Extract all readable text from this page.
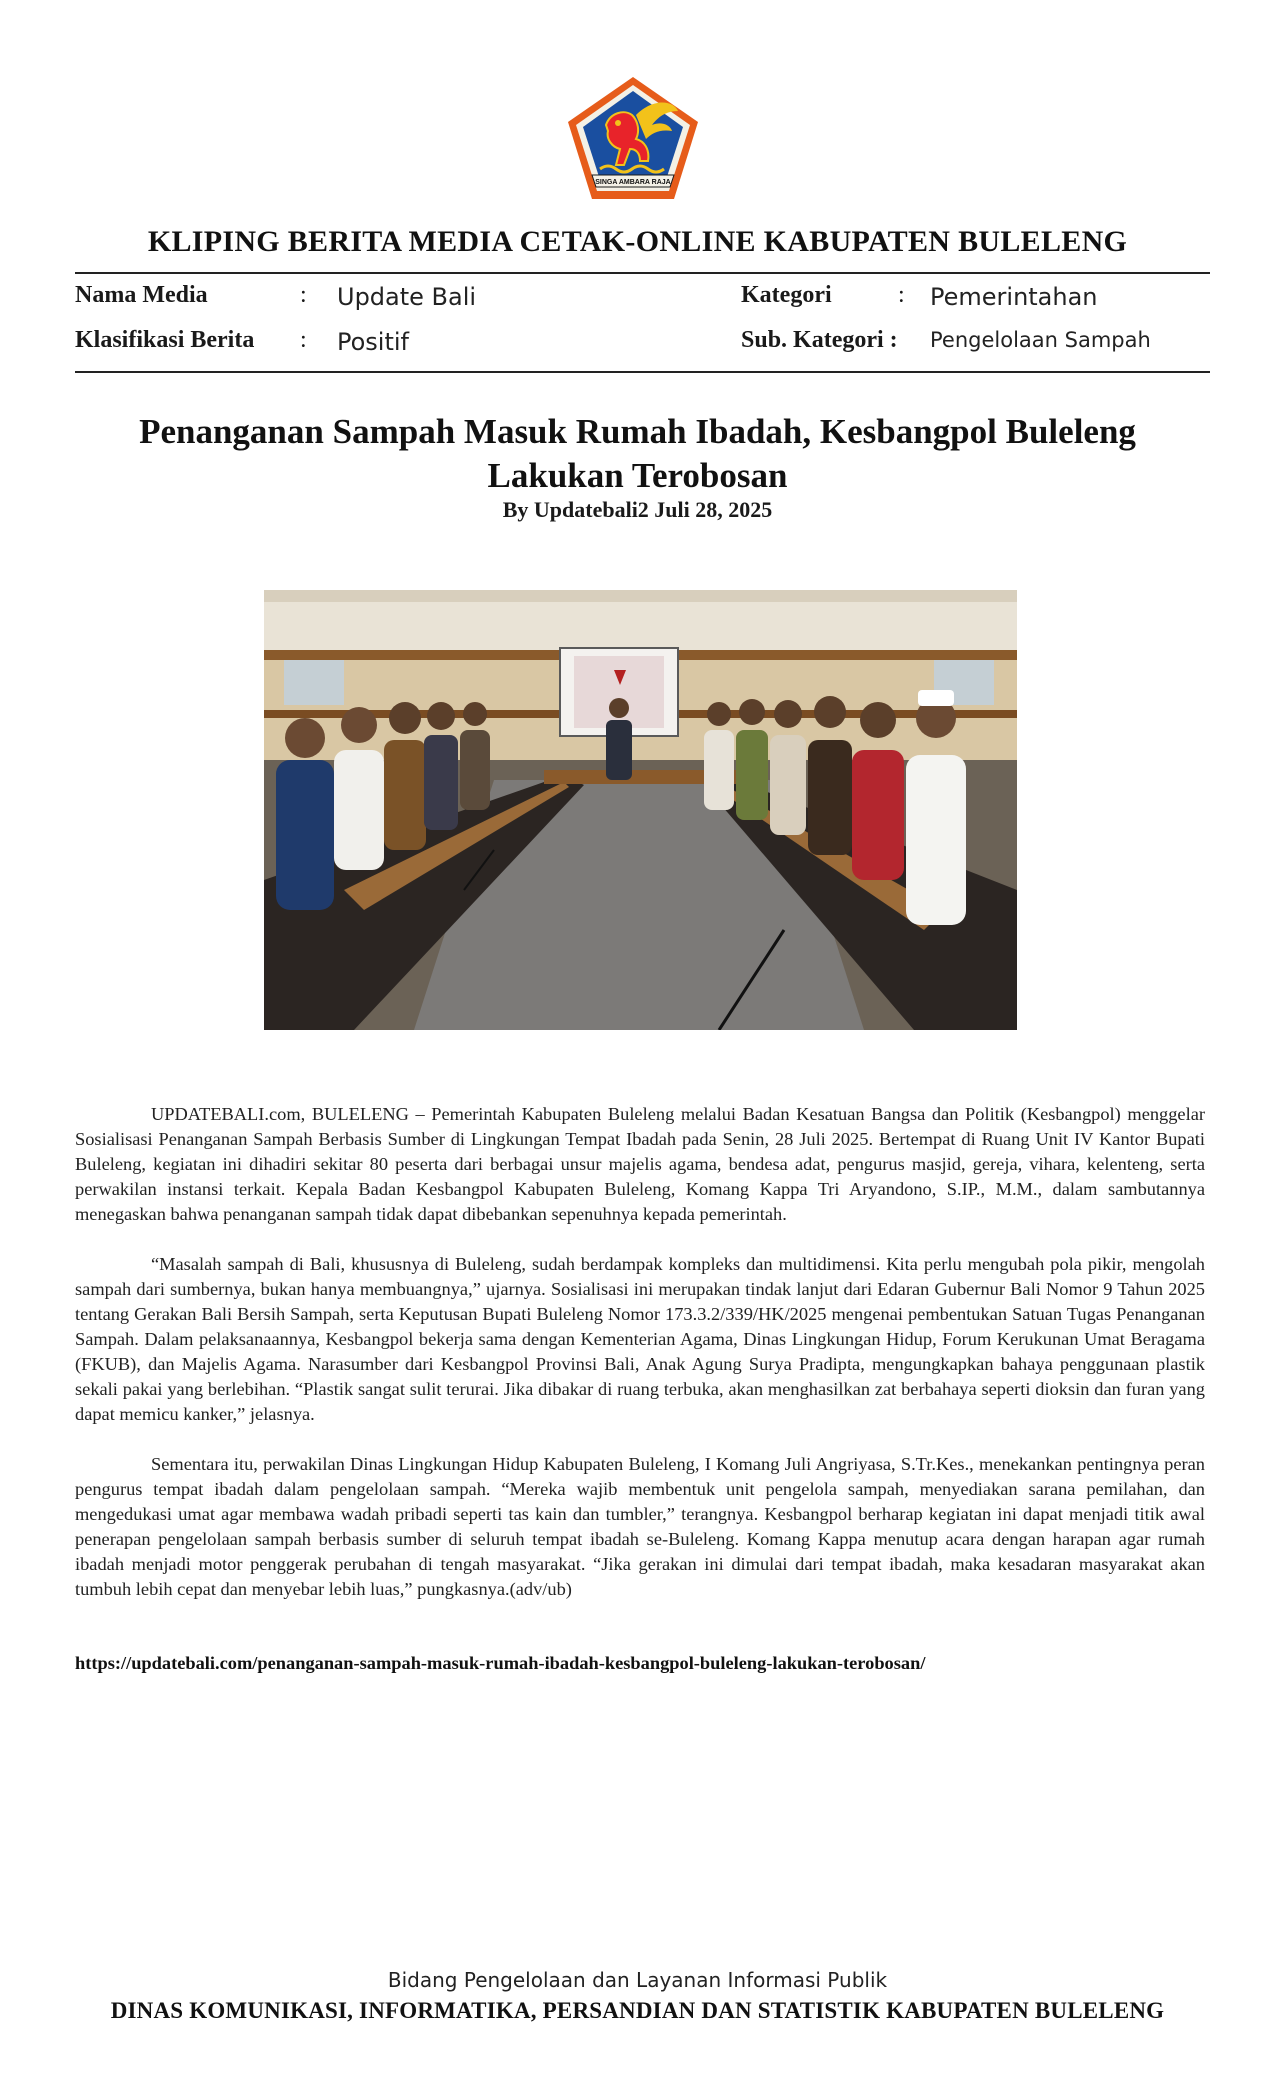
SINGA AMBARA RAJA
KLIPING BERITA MEDIA CETAK-ONLINE KABUPATEN BULELENG
Nama Media	: Update Bali
Klasifikasi Berita : Positif
Kategori	: Pemerintahan
Sub. Kategori : Pengelolaan Sampah
Penanganan Sampah Masuk Rumah Ibadah, Kesbangpol Buleleng Lakukan Terobosan
By Updatebali2 Juli 28, 2025

UPDATEBALI.com, BULELENG – Pemerintah Kabupaten Buleleng melalui Badan Kesatuan Bangsa dan Politik (Kesbangpol) menggelar Sosialisasi Penanganan Sampah Berbasis Sumber di Lingkungan Tempat Ibadah pada Senin, 28 Juli 2025. Bertempat di Ruang Unit IV Kantor Bupati Buleleng, kegiatan ini dihadiri sekitar 80 peserta dari berbagai unsur majelis agama, bendesa adat, pengurus masjid, gereja, vihara, kelenteng, serta perwakilan instansi terkait. Kepala Badan Kesbangpol Kabupaten Buleleng, Komang Kappa Tri Aryandono, S.IP., M.M., dalam sambutannya menegaskan bahwa penanganan sampah tidak dapat dibebankan sepenuhnya kepada pemerintah.

“Masalah sampah di Bali, khususnya di Buleleng, sudah berdampak kompleks dan multidimensi. Kita perlu mengubah pola pikir, mengolah sampah dari sumbernya, bukan hanya membuangnya,” ujarnya. Sosialisasi ini merupakan tindak lanjut dari Edaran Gubernur Bali Nomor 9 Tahun 2025 tentang Gerakan Bali Bersih Sampah, serta Keputusan Bupati Buleleng Nomor 173.3.2/339/HK/2025 mengenai pembentukan Satuan Tugas Penanganan Sampah. Dalam pelaksanaannya, Kesbangpol bekerja sama dengan Kementerian Agama, Dinas Lingkungan Hidup, Forum Kerukunan Umat Beragama (FKUB), dan Majelis Agama. Narasumber dari Kesbangpol Provinsi Bali, Anak Agung Surya Pradipta, mengungkapkan bahaya penggunaan plastik sekali pakai yang berlebihan. “Plastik sangat sulit terurai. Jika dibakar di ruang terbuka, akan menghasilkan zat berbahaya seperti dioksin dan furan yang dapat memicu kanker,” jelasnya.

Sementara itu, perwakilan Dinas Lingkungan Hidup Kabupaten Buleleng, I Komang Juli Angriyasa, S.Tr.Kes., menekankan pentingnya peran pengurus tempat ibadah dalam pengelolaan sampah. “Mereka wajib membentuk unit pengelola sampah, menyediakan sarana pemilahan, dan mengedukasi umat agar membawa wadah pribadi seperti tas kain dan tumbler,” terangnya. Kesbangpol berharap kegiatan ini dapat menjadi titik awal penerapan pengelolaan sampah berbasis sumber di seluruh tempat ibadah se-Buleleng. Komang Kappa menutup acara dengan harapan agar rumah ibadah menjadi motor penggerak perubahan di tengah masyarakat. “Jika gerakan ini dimulai dari tempat ibadah, maka kesadaran masyarakat akan tumbuh lebih cepat dan menyebar lebih luas,” pungkasnya.(adv/ub)

https://updatebali.com/penanganan-sampah-masuk-rumah-ibadah-kesbangpol-buleleng-lakukan-terobosan/
Bidang Pengelolaan dan Layanan Informasi Publik
DINAS KOMUNIKASI, INFORMATIKA, PERSANDIAN DAN STATISTIK KABUPATEN BULELENG
